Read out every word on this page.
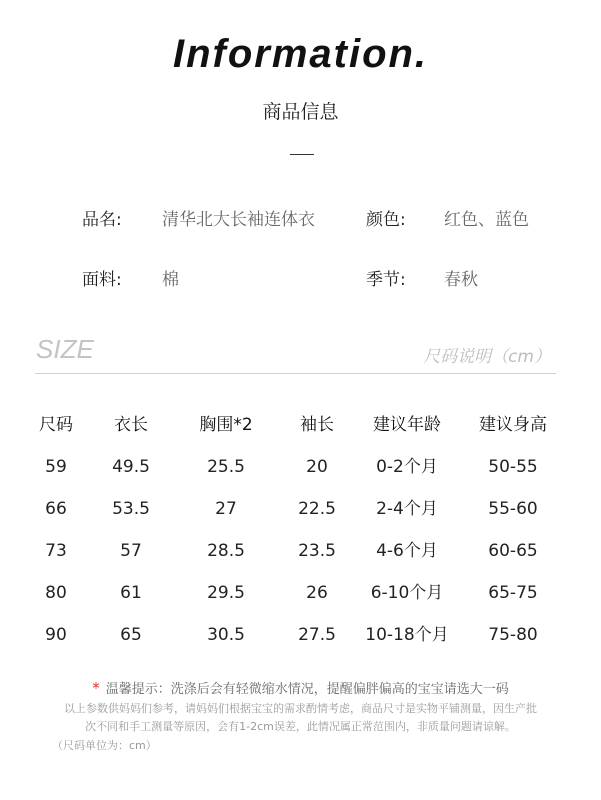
Information.
商品信息
品名: 清华北大长袖连体衣	颜色: 红色、蓝色
面料: 棉	季节: 春秋
SIZE	尺码说明（cm）
尺码	衣长	胸围*2	袖长	建议年龄	建议身高
59	49.5	25.5	20	0-2个月	50-55
66	53.5	27	22.5	2-4个月	55-60
73	57	28.5	23.5	4-6个月	60-65
80	61	29.5	26	6-10个月	65-75
90	65	30.5	27.5	10-18个月	75-80
* 温馨提示：洗涤后会有轻微缩水情况，提醒偏胖偏高的宝宝请选大一码
以上参数供妈妈们参考，请妈妈们根据宝宝的需求酌情考虑，商品尺寸是实物平铺测量，因生产批
次不同和手工测量等原因，会有1-2cm误差，此情况属正常范围内，非质量问题请谅解。
（尺码单位为：cm）
